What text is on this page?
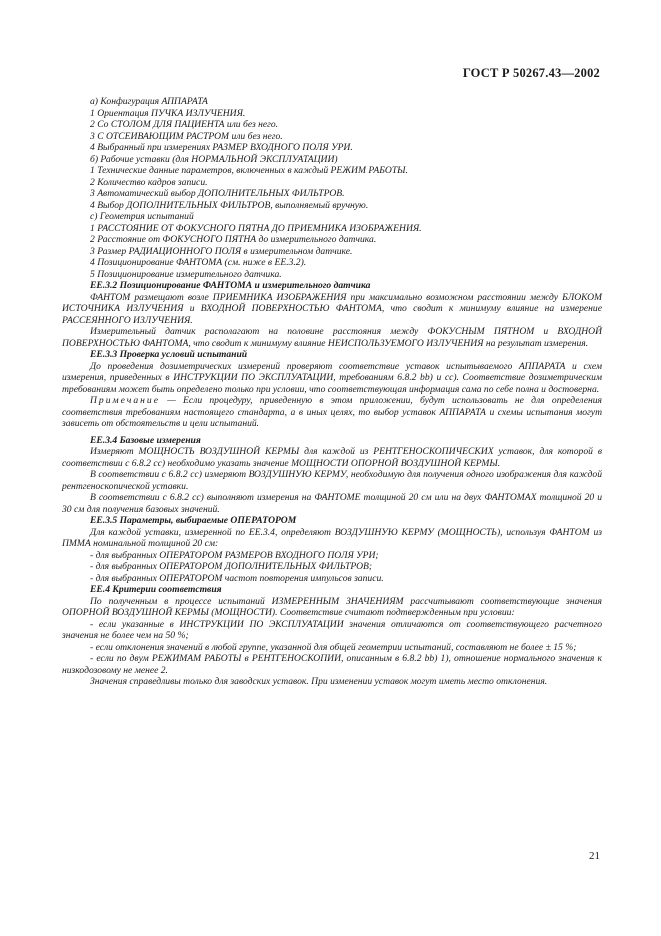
ГОСТ Р 50267.43—2002

а) Конфигурация АППАРАТА

1 Ориентация ПУЧКА ИЗЛУЧЕНИЯ.

2 Со СТОЛОМ ДЛЯ ПАЦИЕНТА или без него.

3 С ОТСЕИВАЮЩИМ РАСТРОМ или без него.

4 Выбранный при измерениях РАЗМЕР ВХОДНОГО ПОЛЯ УРИ.

б) Рабочие уставки (для НОРМАЛЬНОЙ ЭКСПЛУАТАЦИИ)

1 Технические данные параметров, включенных в каждый РЕЖИМ РАБОТЫ.

2 Количество кадров записи.

3 Автоматический выбор ДОПОЛНИТЕЛЬНЫХ ФИЛЬТРОВ.

4 Выбор ДОПОЛНИТЕЛЬНЫХ ФИЛЬТРОВ, выполняемый вручную.

с) Геометрия испытаний

1 РАССТОЯНИЕ ОТ ФОКУСНОГО ПЯТНА ДО ПРИЕМНИКА ИЗОБРАЖЕНИЯ.

2 Расстояние от ФОКУСНОГО ПЯТНА до измерительного датчика.

3 Размер РАДИАЦИОННОГО ПОЛЯ в измерительном датчике.

4 Позиционирование ФАНТОМА (см. ниже в ЕЕ.3.2).

5 Позиционирование измерительного датчика.

ЕЕ.3.2 Позиционирование ФАНТОМА и измерительного датчика

ФАНТОМ размещают возле ПРИЕМНИКА ИЗОБРАЖЕНИЯ при максимально возможном расстоянии между БЛОКОМ ИСТОЧНИКА ИЗЛУЧЕНИЯ и ВХОДНОЙ ПОВЕРХНОСТЬЮ ФАНТОМА, что сводит к минимуму влияние на измерение РАССЕЯННОГО ИЗЛУЧЕНИЯ.

Измерительный датчик располагают на половине расстояния между ФОКУСНЫМ ПЯТНОМ и ВХОДНОЙ ПОВЕРХНОСТЬЮ ФАНТОМА, что сводит к минимуму влияние НЕИСПОЛЬЗУЕМОГО ИЗЛУЧЕНИЯ на результат измерения.

ЕЕ.3.3 Проверка условий испытаний

До проведения дозиметрических измерений проверяют соответствие уставок испытываемого АППАРАТА и схем измерения, приведенных в ИНСТРУКЦИИ ПО ЭКСПЛУАТАЦИИ, требованиям 6.8.2 bb) и сс). Соответствие дозиметрическим требованиям может быть определено только при условии, что соответствующая информация сама по себе полна и достоверна.

Примечание — Если процедуру, приведенную в этом приложении, будут использовать не для определения соответствия требованиям настоящего стандарта, а в иных целях, то выбор уставок АППАРАТА и схемы испытания могут зависеть от обстоятельств и цели испытаний.

ЕЕ.3.4 Базовые измерения

Измеряют МОЩНОСТЬ ВОЗДУШНОЙ КЕРМЫ для каждой из РЕНТГЕНОСКОПИЧЕСКИХ уставок, для которой в соответствии с 6.8.2 сс) необходимо указать значение МОЩНОСТИ ОПОРНОЙ ВОЗДУШНОЙ КЕРМЫ.

В соответствии с 6.8.2 сс) измеряют ВОЗДУШНУЮ КЕРМУ, необходимую для получения одного изображения для каждой рентгеноскопической уставки.

В соответствии с 6.8.2 сс) выполняют измерения на ФАНТОМЕ толщиной 20 см или на двух ФАНТОМАХ толщиной 20 и 30 см для получения базовых значений.

ЕЕ.3.5 Параметры, выбираемые ОПЕРАТОРОМ

Для каждой уставки, измеренной по ЕЕ.3.4, определяют ВОЗДУШНУЮ КЕРМУ (МОЩНОСТЬ), используя ФАНТОМ из ПММА номинальной толщиной 20 см:

- для выбранных ОПЕРАТОРОМ РАЗМЕРОВ ВХОДНОГО ПОЛЯ УРИ;

- для выбранных ОПЕРАТОРОМ ДОПОЛНИТЕЛЬНЫХ ФИЛЬТРОВ;

- для выбранных ОПЕРАТОРОМ частот повторения импульсов записи.

ЕЕ.4 Критерии соответствия

По полученным в процессе испытаний ИЗМЕРЕННЫМ ЗНАЧЕНИЯМ рассчитывают соответствующие значения ОПОРНОЙ ВОЗДУШНОЙ КЕРМЫ (МОЩНОСТИ). Соответствие считают подтвержденным при условии:

- если указанные в ИНСТРУКЦИИ ПО ЭКСПЛУАТАЦИИ значения отличаются от соответствующего расчетного значения не более чем на 50 %;

- если отклонения значений в любой группе, указанной для общей геометрии испытаний, составляют не более ± 15 %;

- если по двум РЕЖИМАМ РАБОТЫ в РЕНТГЕНОСКОПИИ, описанным в 6.8.2 bb) 1), отношение нормального значения к низкодозовому не менее 2.

Значения справедливы только для заводских уставок. При изменении уставок могут иметь место отклонения.

21
